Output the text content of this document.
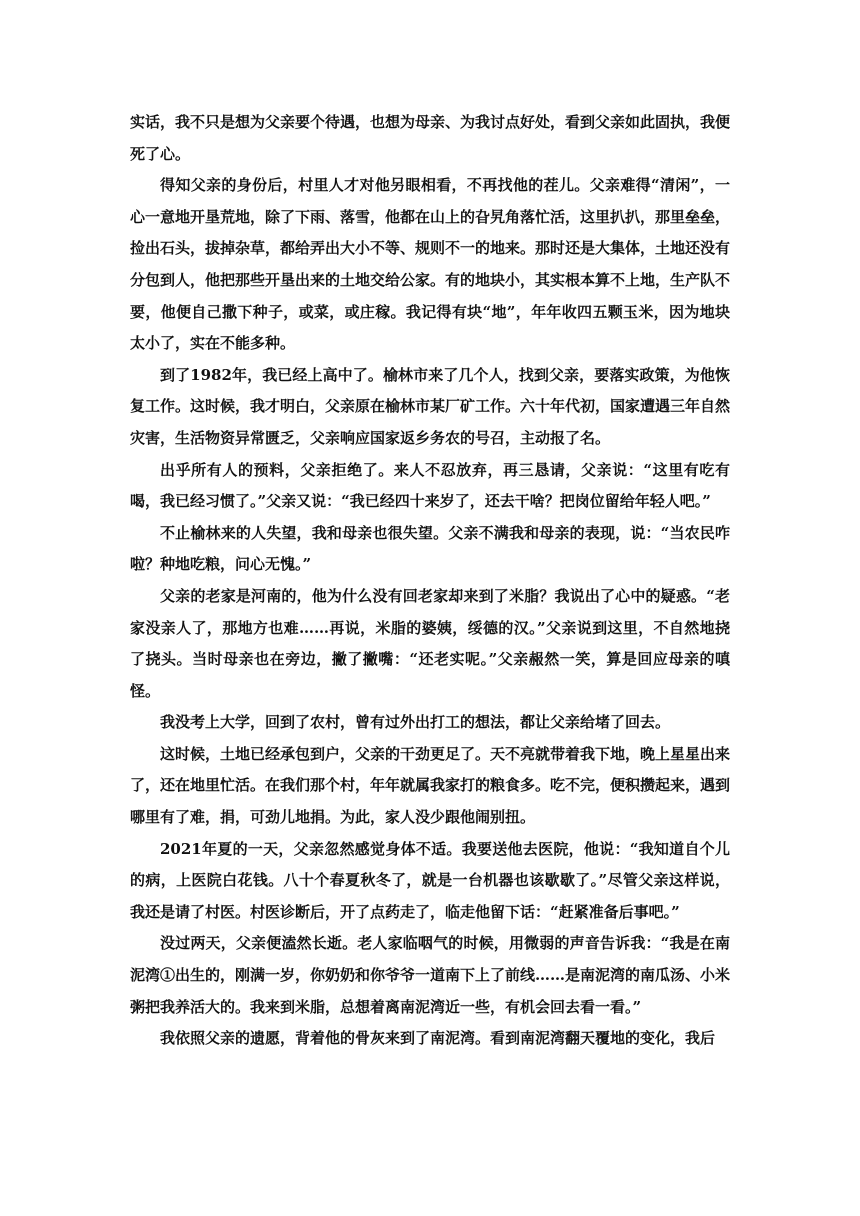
实话，我不只是想为父亲要个待遇，也想为母亲、为我讨点好处，看到父亲如此固执，我便死了心。

得知父亲的身份后，村里人才对他另眼相看，不再找他的茬儿。父亲难得“清闲”，一心一意地开垦荒地，除了下雨、落雪，他都在山上的旮旯角落忙活，这里扒扒，那里垒垒，捡出石头，拔掉杂草，都给弄出大小不等、规则不一的地来。那时还是大集体，土地还没有分包到人，他把那些开垦出来的土地交给公家。有的地块小，其实根本算不上地，生产队不要，他便自己撒下种子，或菜，或庄稼。我记得有块“地”，年年收四五颗玉米，因为地块太小了，实在不能多种。

到了1982年，我已经上高中了。榆林市来了几个人，找到父亲，要落实政策，为他恢复工作。这时候，我才明白，父亲原在榆林市某厂矿工作。六十年代初，国家遭遇三年自然灾害，生活物资异常匮乏，父亲响应国家返乡务农的号召，主动报了名。

出乎所有人的预料，父亲拒绝了。来人不忍放弃，再三恳请，父亲说：“这里有吃有喝，我已经习惯了。”父亲又说：“我已经四十来岁了，还去干啥？把岗位留给年轻人吧。”

不止榆林来的人失望，我和母亲也很失望。父亲不满我和母亲的表现，说：“当农民咋啦？种地吃粮，问心无愧。”

父亲的老家是河南的，他为什么没有回老家却来到了米脂？我说出了心中的疑惑。“老家没亲人了，那地方也难……再说，米脂的婆姨，绥德的汉。”父亲说到这里，不自然地挠了挠头。当时母亲也在旁边，撇了撇嘴：“还老实呢。”父亲赧然一笑，算是回应母亲的嗔怪。

我没考上大学，回到了农村，曾有过外出打工的想法，都让父亲给堵了回去。

这时候，土地已经承包到户，父亲的干劲更足了。天不亮就带着我下地，晚上星星出来了，还在地里忙活。在我们那个村，年年就属我家打的粮食多。吃不完，便积攒起来，遇到哪里有了难，捐，可劲儿地捐。为此，家人没少跟他闹别扭。

2021年夏的一天，父亲忽然感觉身体不适。我要送他去医院，他说：“我知道自个儿的病，上医院白花钱。八十个春夏秋冬了，就是一台机器也该歇歇了。”尽管父亲这样说，我还是请了村医。村医诊断后，开了点药走了，临走他留下话：“赶紧准备后事吧。”

没过两天，父亲便溘然长逝。老人家临咽气的时候，用微弱的声音告诉我：“我是在南泥湾①出生的，刚满一岁，你奶奶和你爷爷一道南下上了前线……是南泥湾的南瓜汤、小米粥把我养活大的。我来到米脂，总想着离南泥湾近一些，有机会回去看一看。”

我依照父亲的遗愿，背着他的骨灰来到了南泥湾。看到南泥湾翻天覆地的变化，我后
